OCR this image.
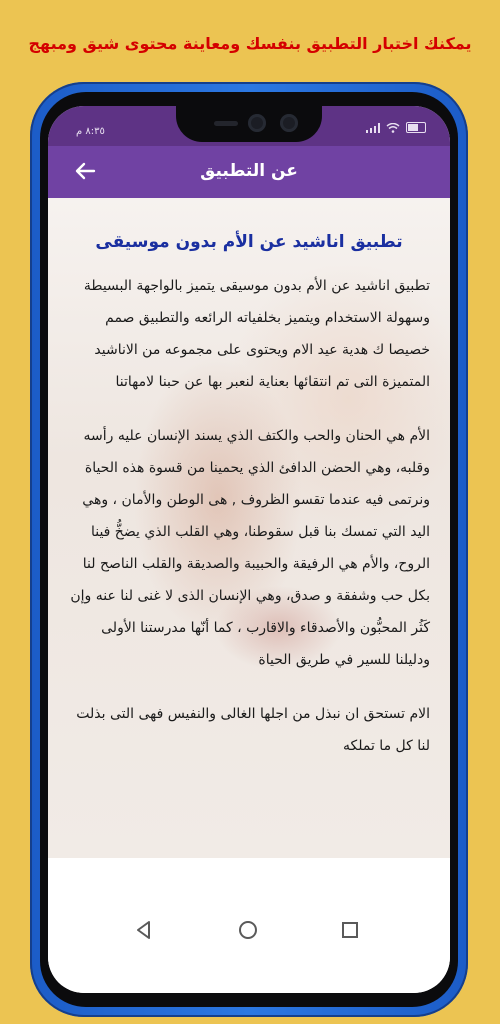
يمكنك اختبار التطبيق بنفسك ومعاينة محتوى شيق ومبهج
٨:٣٥ م
عن التطبيق
تطبيق اناشيد عن الأم بدون موسيقى

تطبيق اناشيد عن الأم بدون موسيقى يتميز بالواجهة البسيطة وسهولة الاستخدام ويتميز بخلفياته الرائعه والتطبيق صمم خصيصا ك هدية عيد الام ويحتوى على مجموعه من الاناشيد المتميزة التى تم انتقائها بعناية لنعبر بها عن حبنا لامهاتنا

الأم هي الحنان والحب والكتف الذي يسند الإنسان عليه رأسه وقلبه، وهي الحضن الدافئ الذي يحمينا من قسوة هذه الحياة ونرتمى فيه عندما تقسو الظروف , هى الوطن والأمان ، وهي اليد التي تمسك بنا قبل سقوطنا، وهي القلب الذي يضخُّ فينا الروح، والأم هي الرفيقة والحبيبة والصديقة والقلب الناصح لنا بكل حب وشفقة و صدق، وهي الإنسان الذى لا غنى لنا عنه وإن كَثُر المحبُّون والأصدقاء والاقارب ، كما أنّها مدرستنا الأولى ودليلنا للسير في طريق الحياة

الام تستحق ان نبذل من اجلها الغالى والنفيس فهى التى بذلت لنا كل ما تملكه
